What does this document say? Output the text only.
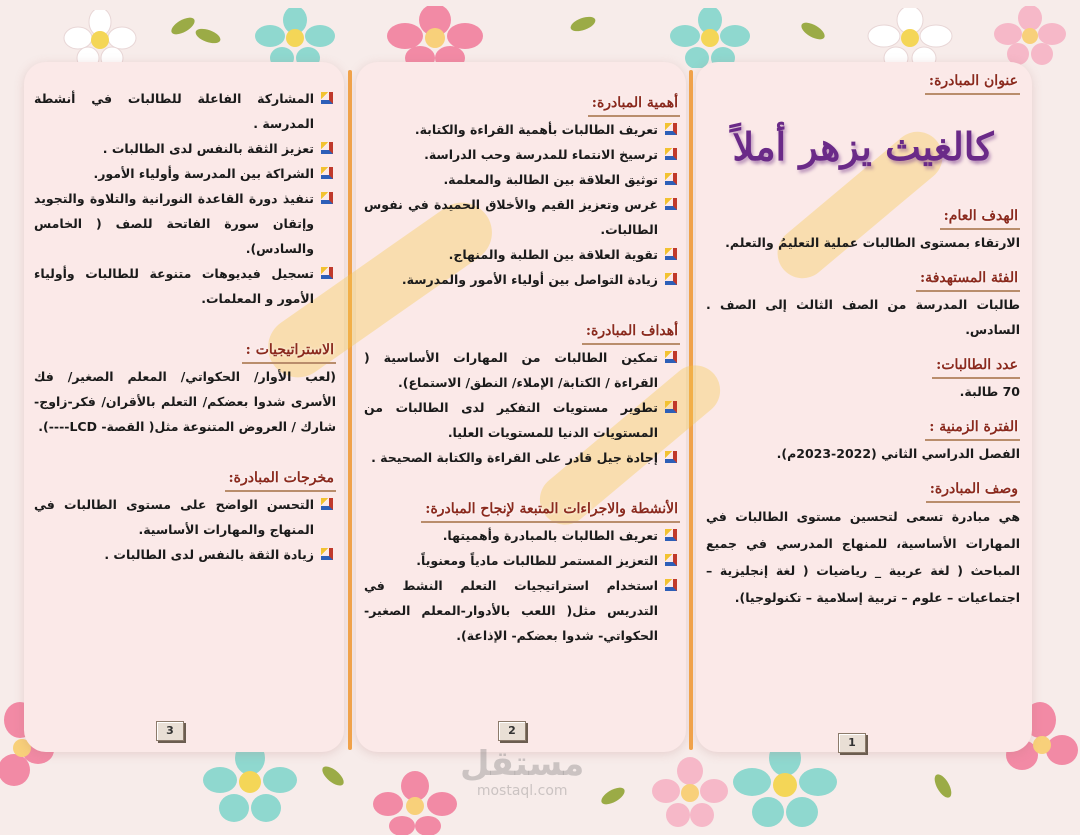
عنوان المبادرة:
كالغيث يزهر أملاً
الهدف العام:

الارتقاء بمستوى الطالبات عملية التعليمُ والتعلم.

الفئة المستهدفة:

طالبات المدرسة من الصف الثالث إلى الصف . السادس.

عدد الطالبات:

70 طالبة.

الفترة الزمنية :

الفصل الدراسي الثاني (2022-2023م).

وصف المبادرة:

هي مبادرة تسعى لتحسين مستوى الطالبات في المهارات الأساسية، للمنهاج المدرسي في جميع المباحث ( لغة عربية _ رياضيات ( لغة إنجليزية – اجتماعيات – علوم – تربية إسلامية – تكنولوجيا).

1
أهمية المبادرة:
تعريف الطالبات بأهمية القراءة والكتابة.
ترسيخ الانتماء للمدرسة وحب الدراسة.
توثيق العلاقة بين الطالبة والمعلمة.
غرس وتعزيز القيم والأخلاق الحميدة في نفوس الطالبات.
تقوية العلاقة بين الطلبة والمنهاج.
زيادة التواصل بين أولياء الأمور والمدرسة.
أهداف المبادرة:
تمكين الطالبات من المهارات الأساسية ( القراءة / الكتابة/ الإملاء/ النطق/ الاستماع).
تطوير مستويات التفكير لدى الطالبات من المستويات الدنيا للمستويات العليا.
إجادة جيل قادر على القراءة والكتابة الصحيحة .
الأنشطة والاجراءات المتبعة لإنجاح المبادرة:
تعريف الطالبات بالمبادرة وأهميتها.
التعزيز المستمر للطالبات مادياً ومعنوياً.
استخدام استراتيجيات التعلم النشط في التدريس مثل( اللعب بالأدوار-المعلم الصغير- الحكواتي- شدوا بعضكم- الإذاعة).
2
المشاركة الفاعلة للطالبات في أنشطة المدرسة .
تعزيز الثقة بالنفس لدى الطالبات .
الشراكة بين المدرسة وأولياء الأمور.
تنفيذ دورة القاعدة النورانية والتلاوة والتجويد وإتقان سورة الفاتحة للصف ( الخامس والسادس).
تسجيل فيديوهات متنوعة للطالبات وأولياء الأمور و المعلمات.
الاستراتيجيات :

(لعب الأوار/ الحكواتي/ المعلم الصغير/ فك الأسرى شدوا بعضكم/ التعلم بالأقران/ فكر-زاوج-شارك / العروض المتنوعة مثل( القصة- LCD----).

مخرجات المبادرة:
التحسن الواضح على مستوى الطالبات في المنهاج والمهارات الأساسية.
زيادة الثقة بالنفس لدى الطالبات .
3
مستقل
mostaql.com
